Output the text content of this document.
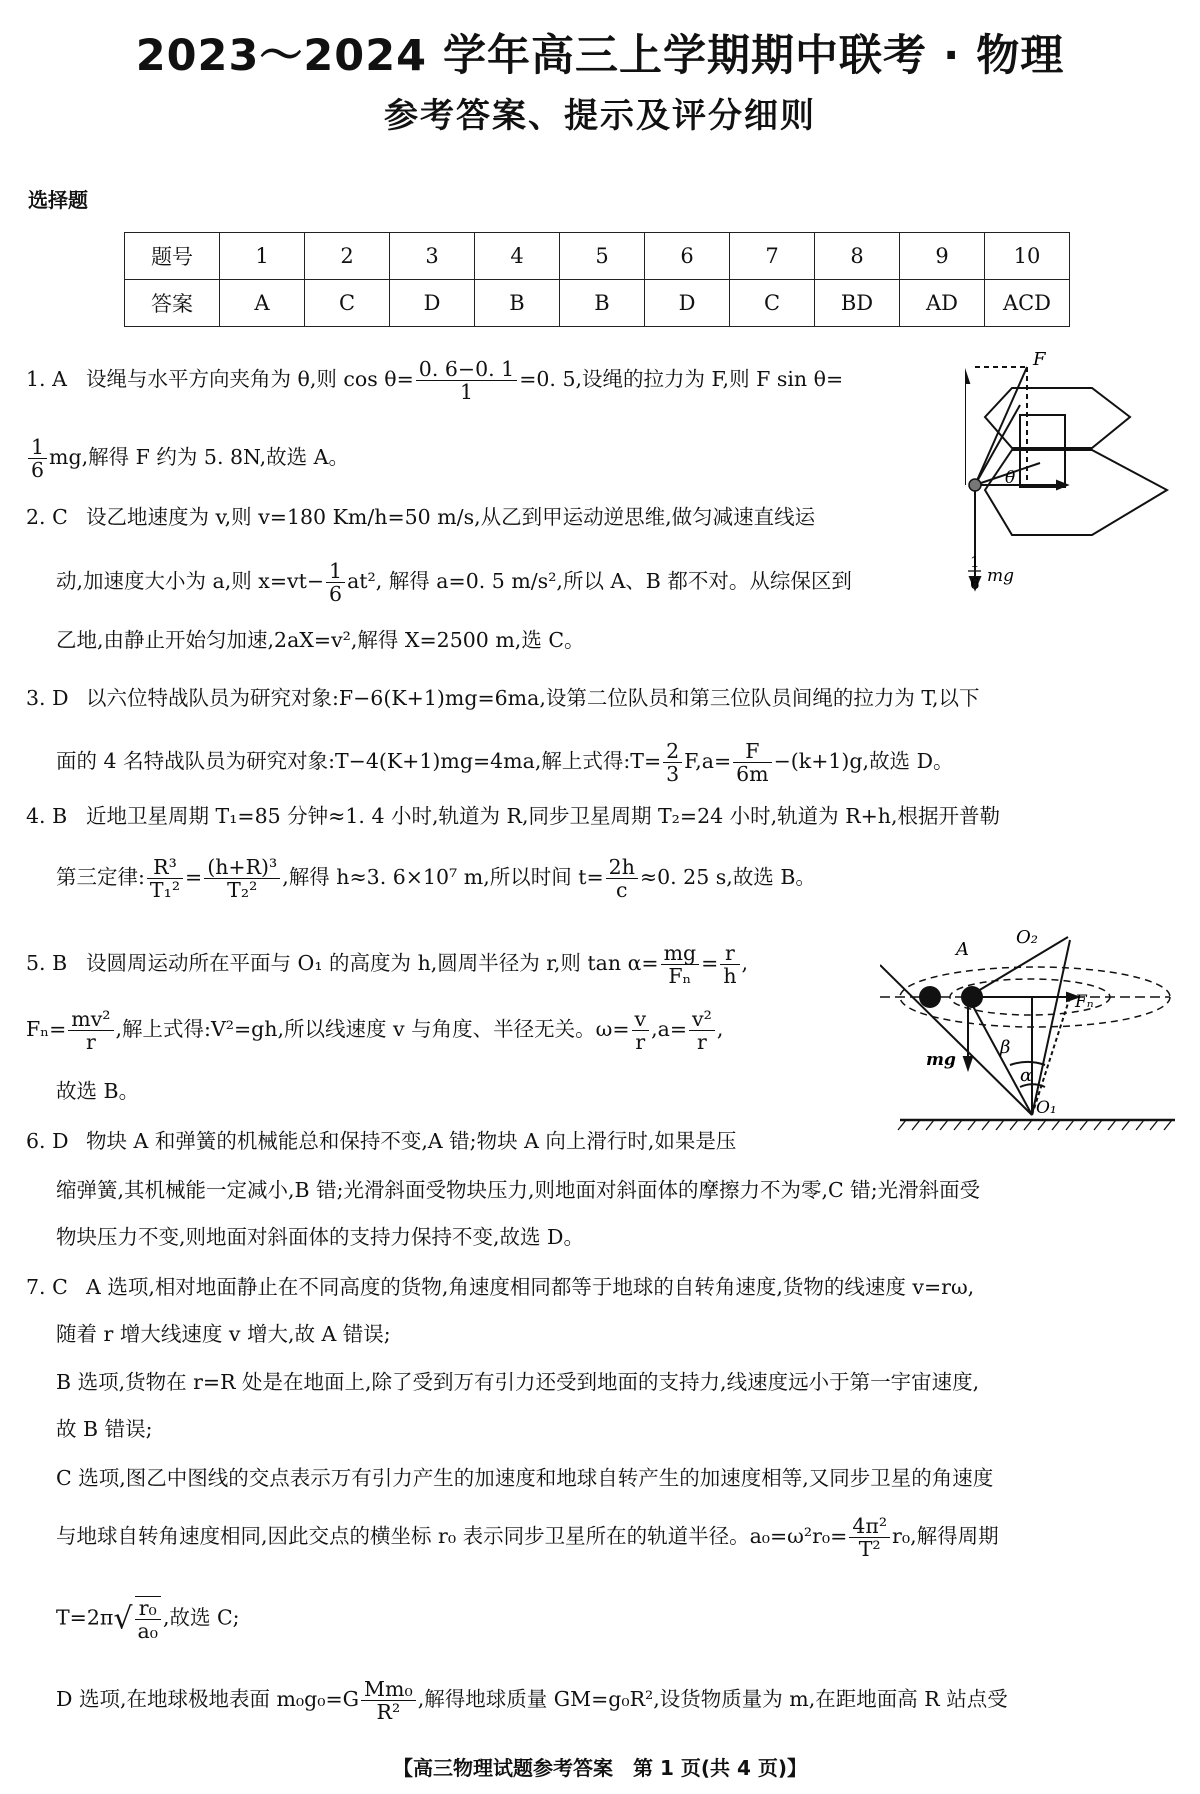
2023～2024 学年高三上学期期中联考 · 物理
参考答案、提示及评分细则
选择题
题号	1	2	3	4	5	6	7	8	9	10
答案	A	C	D	B	B	D	C	BD	AD	ACD
1. A 设绳与水平方向夹角为 θ,则 $\cos \theta= \frac{0. 6-0. 1}{1} =0$. 5,设绳的拉力为 F,则 F sin θ=
$\frac{1}{6}$ mg,解得 F 约为 5. 8N,故选 A。
2. C 设乙地速度为 v,则 v=180 Km/h=50 m/s,从乙到甲运动逆思维,做匀减速直线运
动,加速度大小为 a,则 $x=vt- \frac{1}{6} at^2$, 解得 a=0. 5 m/s²,所以 A、B 都不对。从综保区到
乙地,由静止开始匀加速,2aX=v²,解得 X=2500 m,选 C。
3. D 以六位特战队员为研究对象:F−6(K+1)mg=6ma,设第二位队员和第三位队员间绳的拉力为 T,以下
面的 4 名特战队员为研究对象:T−4(K+1)mg=4ma,解上式得:T= $\frac{2}{3} F,a= \frac{F}{6m} -(k+1)g$,故选 D。
4. B 近地卫星周期 T₁=85 分钟≈1. 4 小时,轨道为 R,同步卫星周期 T₂=24 小时,轨道为 R+h,根据开普勒
第三定律: $\frac{\text{R³}}{\text{T₁²}} = \frac{\text{(h+R)³}}{\text{T₂²}}$ ,解得 h≈3. 6×10⁷ m,所以时间 $t= \frac{2h}{c} \approx 0$. 25 s,故选 B。
5. B 设圆周运动所在平面与 O₁ 的高度为 h,圆周半径为 r,则 $\tan \alpha= \frac{mg}{\text{Fₙ}} = \frac{r}{h}$ ,
$F_n= \frac{\text{mv²}}{r}$ ,解上式得:V²=gh,所以线速度 v 与角度、半径无关。$\omega= \frac{v}{r} ,a= \frac{\text{v²}}{r}$ ,
故选 B。
6. D 物块 A 和弹簧的机械能总和保持不变,A 错;物块 A 向上滑行时,如果是压
缩弹簧,其机械能一定减小,B 错;光滑斜面受物块压力,则地面对斜面体的摩擦力不为零,C 错;光滑斜面受
物块压力不变,则地面对斜面体的支持力保持不变,故选 D。
7. C A 选项,相对地面静止在不同高度的货物,角速度相同都等于地球的自转角速度,货物的线速度 v=rω,
随着 r 增大线速度 v 增大,故 A 错误;
B 选项,货物在 r=R 处是在地面上,除了受到万有引力还受到地面的支持力,线速度远小于第一宇宙速度,
故 B 错误;
C 选项,图乙中图线的交点表示万有引力产生的加速度和地球自转产生的加速度相等,又同步卫星的角速度
与地球自转角速度相同,因此交点的横坐标 r₀ 表示同步卫星所在的轨道半径。$a_0=\omega^2r_0= \frac{\text{4π²}}{\text{T²}} r_0$,解得周期
$T=2\pi√ \frac{\text{r₀}}{\text{a₀}}$ ,故选 C;
D 选项,在地球极地表面 $m_0g_0=G \frac{\text{Mm₀}}{\text{R²}}$ ,解得地球质量 GM=g₀R²,设货物质量为 m,在距地面高 R 站点受
F
θ
1
6 mg
A
O₂
Fₙ
β
α
mg
O₁
【高三物理试题参考答案　第 1 页(共 4 页)】
